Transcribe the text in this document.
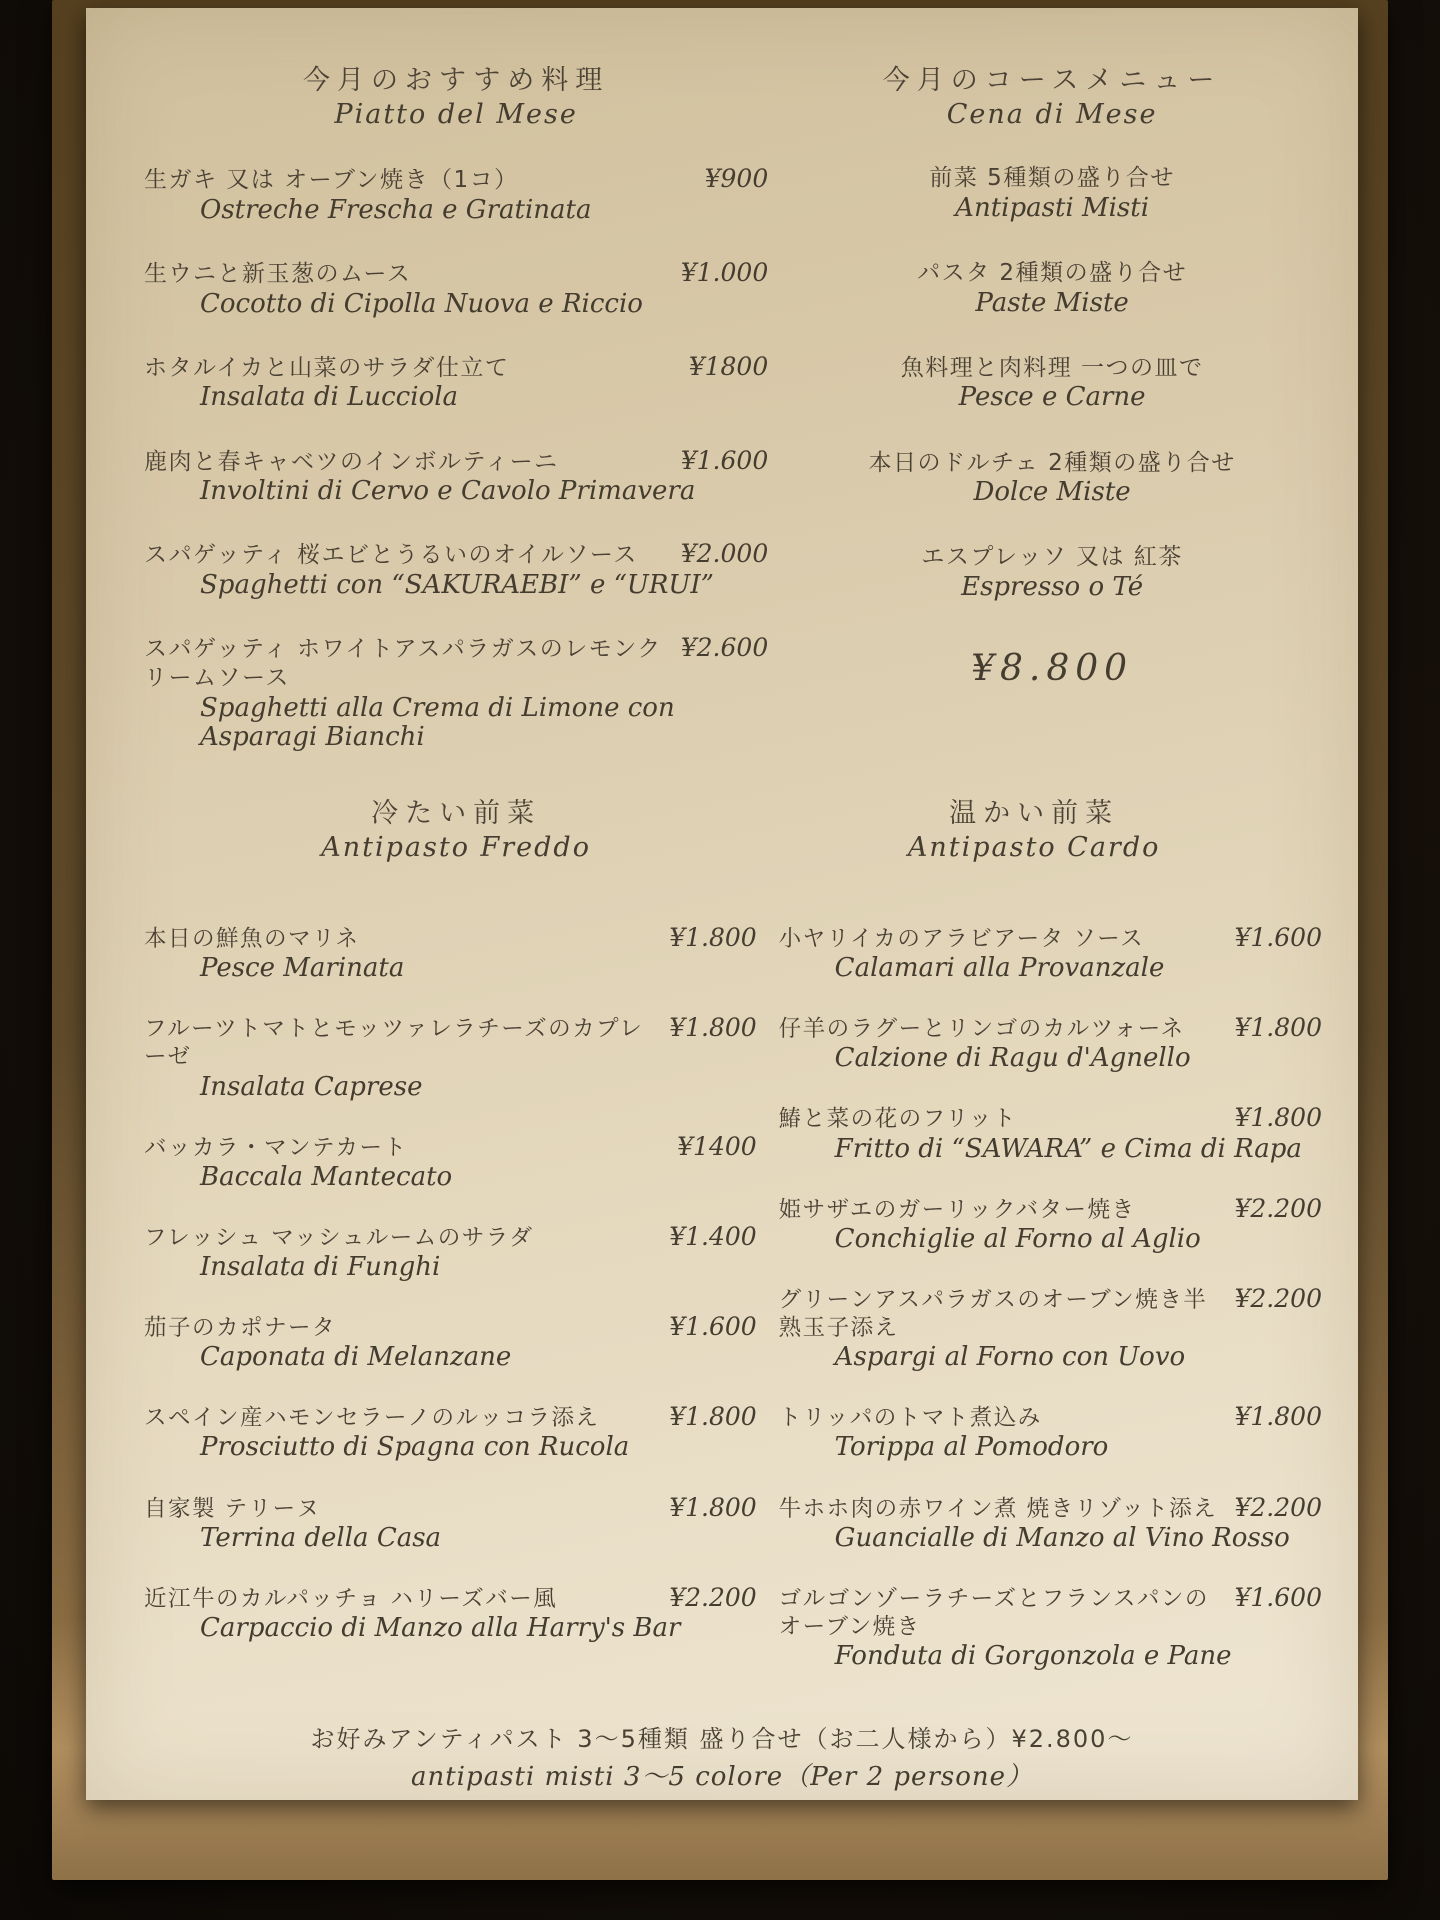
今月のおすすめ料理
Piatto del Mese
生ガキ 又は オーブン焼き（1コ）	¥900
Ostreche Frescha e Gratinata
生ウニと新玉葱のムース	¥1.000
Cocotto di Cipolla Nuova e Riccio
ホタルイカと山菜のサラダ仕立て	¥1800
Insalata di Lucciola
鹿肉と春キャベツのインボルティーニ	¥1.600
Involtini di Cervo e Cavolo Primavera
スパゲッティ 桜エビとうるいのオイルソース	¥2.000
Spaghetti con “SAKURAEBI” e “URUI”
スパゲッティ ホワイトアスパラガスのレモンクリームソース
¥2.600
Spaghetti alla Crema di Limone con Asparagi Bianchi
今月のコースメニュー
Cena di Mese
前菜 5種類の盛り合せ
Antipasti Misti
パスタ 2種類の盛り合せ
Paste Miste
魚料理と肉料理 一つの皿で
Pesce e Carne
本日のドルチェ 2種類の盛り合せ
Dolce Miste
エスプレッソ 又は 紅茶
Espresso o Té
¥8.800
冷たい前菜
Antipasto Freddo
温かい前菜
Antipasto Cardo
本日の鮮魚のマリネ	¥1.800
Pesce Marinata
フルーツトマトとモッツァレラチーズのカプレーゼ
¥1.800
Insalata Caprese
バッカラ・マンテカート	¥1400
Baccala Mantecato
フレッシュ マッシュルームのサラダ	¥1.400
Insalata di Funghi
茄子のカポナータ	¥1.600
Caponata di Melanzane
スペイン産ハモンセラーノのルッコラ添え	¥1.800
Prosciutto di Spagna con Rucola
自家製 テリーヌ	¥1.800
Terrina della Casa
近江牛のカルパッチョ ハリーズバー風	¥2.200
Carpaccio di Manzo alla Harry's Bar
小ヤリイカのアラビアータ ソース	¥1.600
Calamari alla Provanzale
仔羊のラグーとリンゴのカルツォーネ	¥1.800
Calzione di Ragu d'Agnello
鰆と菜の花のフリット	¥1.800
Fritto di “SAWARA” e Cima di Rapa
姫サザエのガーリックバター焼き	¥2.200
Conchiglie al Forno al Aglio
グリーンアスパラガスのオーブン焼き半熟玉子添え
¥2.200
Aspargi al Forno con Uovo
トリッパのトマト煮込み	¥1.800
Torippa al Pomodoro
牛ホホ肉の赤ワイン煮 焼きリゾット添え ¥2.200
Guancialle di Manzo al Vino Rosso
ゴルゴンゾーラチーズとフランスパンのオーブン焼き
¥1.600
Fonduta di Gorgonzola e Pane
お好みアンティパスト 3〜5種類 盛り合せ（お二人様から）¥2.800〜
antipasti misti 3〜5 colore（Per 2 persone）
